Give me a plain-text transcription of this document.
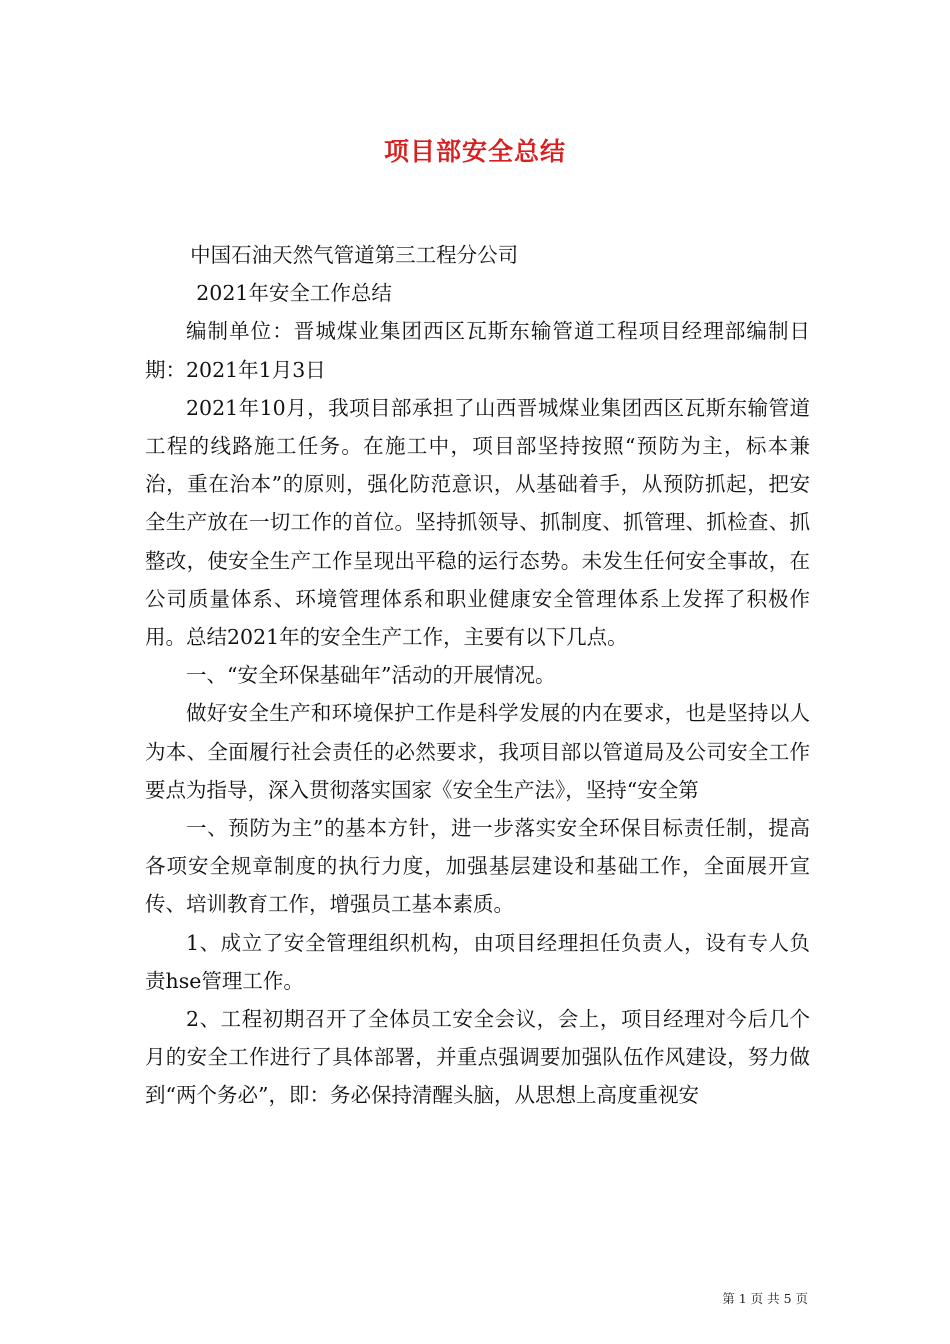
项目部安全总结

中国石油天然气管道第三工程分公司

2021年安全工作总结

编制单位：晋城煤业集团西区瓦斯东输管道工程项目经理部编制日期：2021年1月3日

2021年10月，我项目部承担了山西晋城煤业集团西区瓦斯东输管道工程的线路施工任务。在施工中，项目部坚持按照“预防为主，标本兼治，重在治本”的原则，强化防范意识，从基础着手，从预防抓起，把安全生产放在一切工作的首位。坚持抓领导、抓制度、抓管理、抓检查、抓整改，使安全生产工作呈现出平稳的运行态势。未发生任何安全事故，在公司质量体系、环境管理体系和职业健康安全管理体系上发挥了积极作用。总结2021年的安全生产工作，主要有以下几点。

一、“安全环保基础年”活动的开展情况。

做好安全生产和环境保护工作是科学发展的内在要求，也是坚持以人为本、全面履行社会责任的必然要求，我项目部以管道局及公司安全工作要点为指导，深入贯彻落实国家《安全生产法》，坚持“安全第

一、预防为主”的基本方针，进一步落实安全环保目标责任制，提高各项安全规章制度的执行力度，加强基层建设和基础工作，全面展开宣传、培训教育工作，增强员工基本素质。

1、成立了安全管理组织机构，由项目经理担任负责人，设有专人负责hse管理工作。

2、工程初期召开了全体员工安全会议，会上，项目经理对今后几个月的安全工作进行了具体部署，并重点强调要加强队伍作风建设，努力做到“两个务必”，即：务必保持清醒头脑，从思想上高度重视安

第 1 页 共 5 页
